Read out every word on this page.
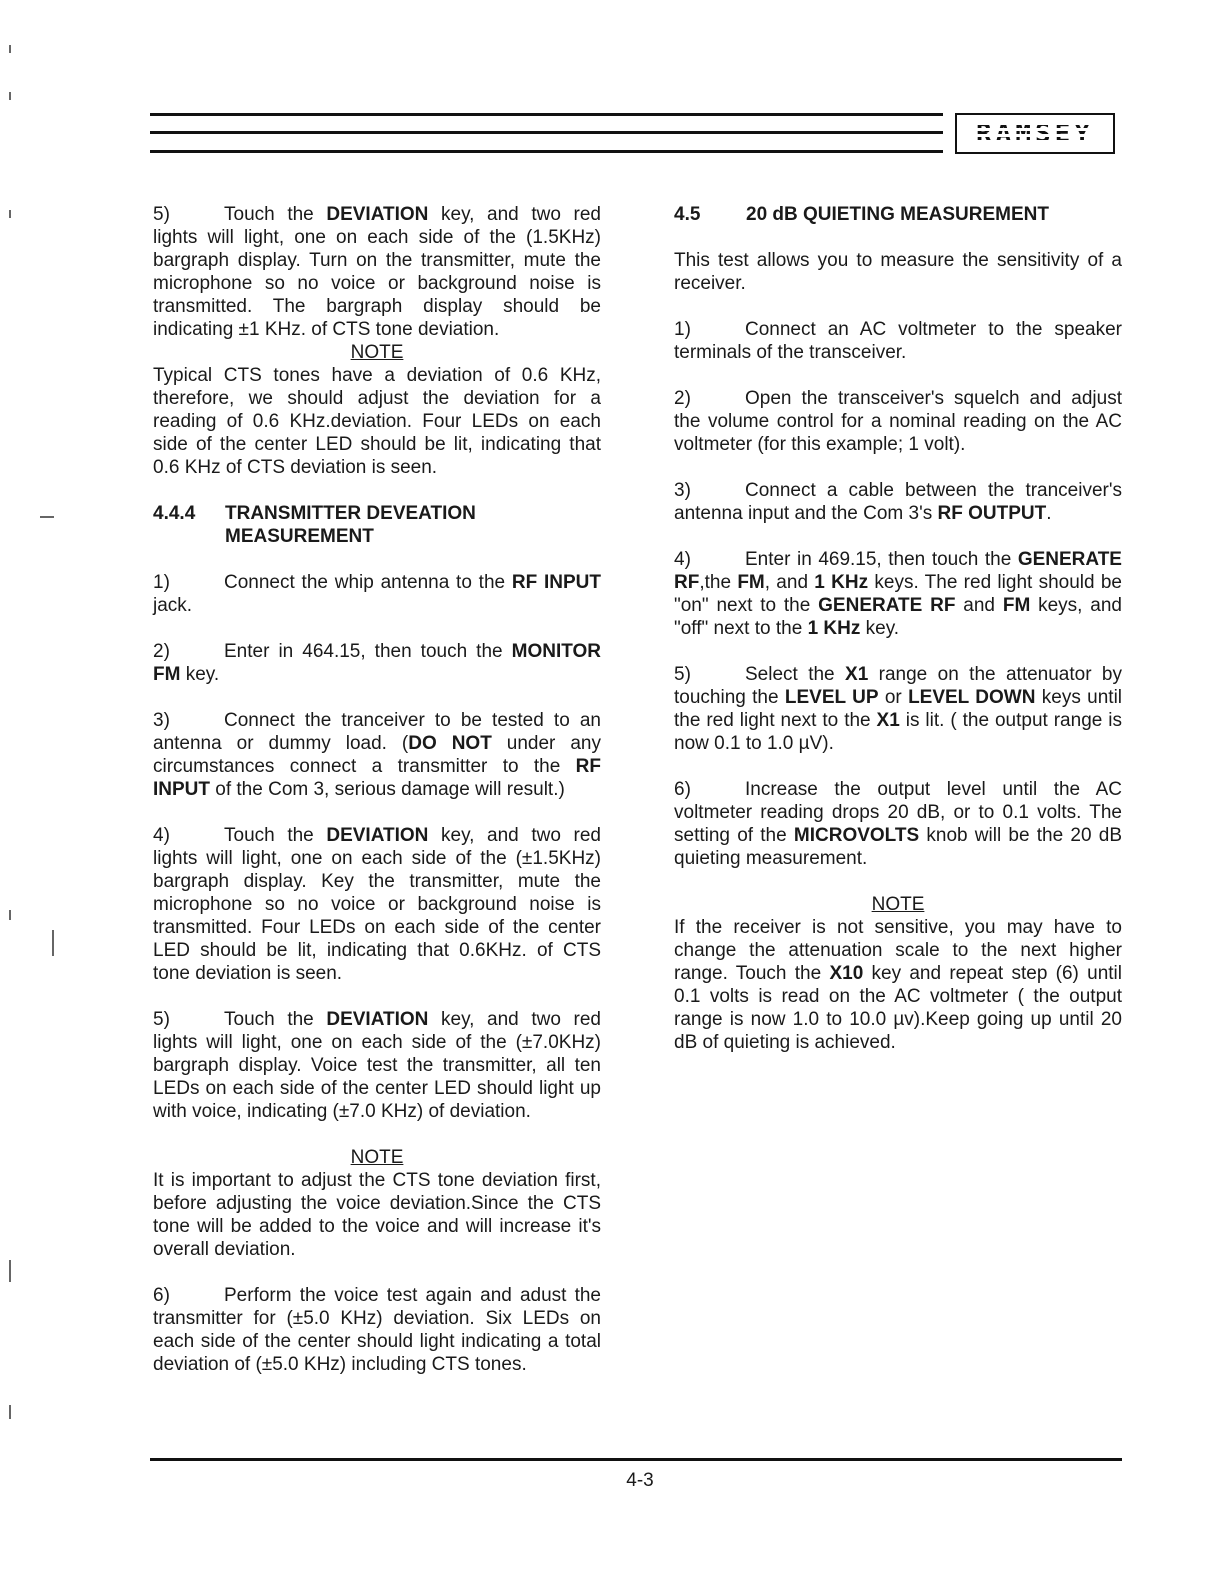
RAMSEY

5)	Touch the DEVIATION key, and two red lights will light, one on each side of the (1.5KHz) bargraph display. Turn on the transmitter, mute the microphone so no voice or background noise is transmitted. The bargraph display should be indicating ±1 KHz. of CTS tone deviation.

NOTE

Typical CTS tones have a deviation of 0.6 KHz, therefore, we should adjust the deviation for a reading of 0.6 KHz.deviation. Four LEDs on each side of the center LED should be lit, indicating that 0.6 KHz of CTS deviation is seen.

4.4.4	TRANSMITTER DEVEATION MEASUREMENT

1)	Connect the whip antenna to the RF INPUT jack.

2)	Enter in 464.15, then touch the MONITOR FM key.

3)	Connect the tranceiver to be tested to an antenna or dummy load. (DO NOT under any circumstances connect a transmitter to the RF INPUT of the Com 3, serious damage will result.)

4)	Touch the DEVIATION key, and two red lights will light, one on each side of the (±1.5KHz) bargraph display. Key the transmitter, mute the microphone so no voice or background noise is transmitted. Four LEDs on each side of the center LED should be lit, indicating that 0.6KHz. of CTS tone deviation is seen.

5)	Touch the DEVIATION key, and two red lights will light, one on each side of the (±7.0KHz) bargraph display. Voice test the transmitter, all ten LEDs on each side of the center LED should light up with voice, indicating (±7.0 KHz) of deviation.

NOTE

It is important to adjust the CTS tone deviation first, before adjusting the voice deviation.Since the CTS tone will be added to the voice and will increase it's overall deviation.

6)	Perform the voice test again and adust the transmitter for (±5.0 KHz) deviation. Six LEDs on each side of the center should light indicating a total deviation of (±5.0 KHz) including CTS tones.

4.5	20 dB QUIETING MEASUREMENT

This test allows you to measure the sensitivity of a receiver.

1)	Connect an AC voltmeter to the speaker terminals of the transceiver.

2)	Open the transceiver's squelch and adjust the volume control for a nominal reading on the AC voltmeter (for this example; 1 volt).

3)	Connect a cable between the tranceiver's antenna input and the Com 3's RF OUTPUT.

4)	Enter in 469.15, then touch the GENERATE RF,the FM, and 1 KHz keys. The red light should be "on" next to the GENERATE RF and FM keys, and "off" next to the 1 KHz key.

5)	Select the X1 range on the attenuator by touching the LEVEL UP or LEVEL DOWN keys until the red light next to the X1 is lit. ( the output range is now 0.1 to 1.0 µV).

6)	Increase the output level until the AC voltmeter reading drops 20 dB, or to 0.1 volts. The setting of the MICROVOLTS knob will be the 20 dB quieting measurement.

NOTE

If the receiver is not sensitive, you may have to change the attenuation scale to the next higher range. Touch the X10 key and repeat step (6) until 0.1 volts is read on the AC voltmeter ( the output range is now 1.0 to 10.0 µv).Keep going up until 20 dB of quieting is achieved.

4-3
